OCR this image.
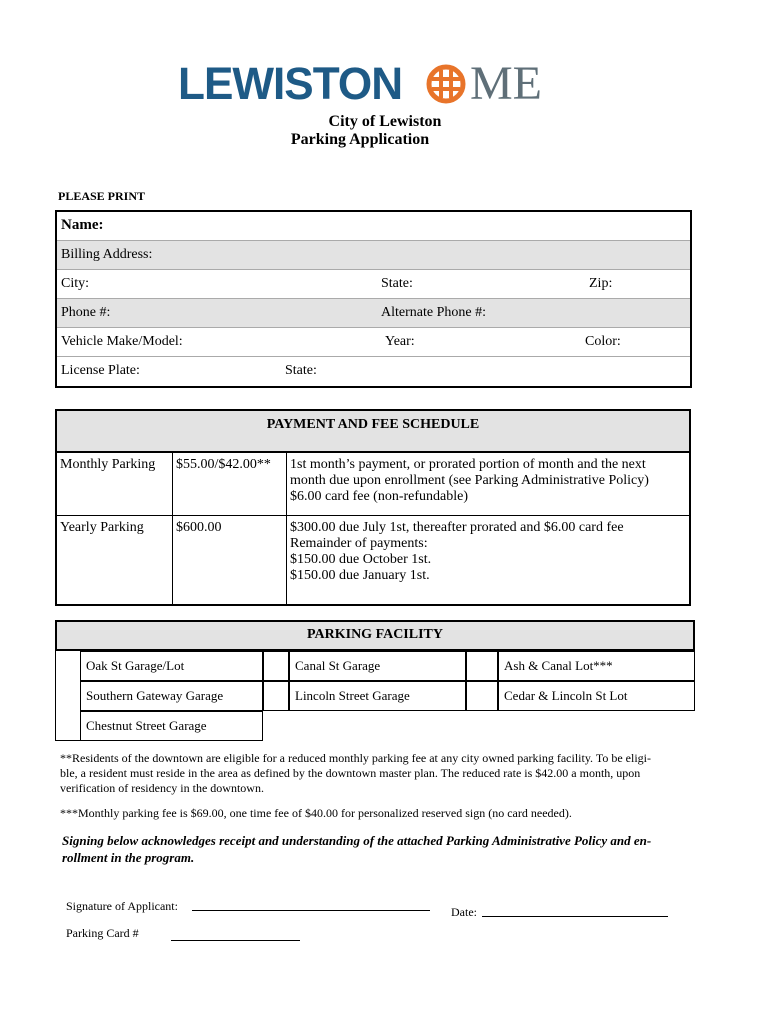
LEWISTON ME
City of Lewiston
Parking Application
PLEASE PRINT
Name:
Billing Address:
City:	State:	Zip:
Phone #:	Alternate Phone #:
Vehicle Make/Model:	Year:	Color:
License Plate:	State:
PAYMENT AND FEE SCHEDULE
Monthly Parking	$55.00/$42.00**	1st month’s payment, or prorated portion of month and the next
month due upon enrollment (see Parking Administrative Policy)
$6.00 card fee (non-refundable)
Yearly Parking	$600.00	$300.00 due July 1st, thereafter prorated and $6.00 card fee
Remainder of payments:
$150.00 due October 1st.
$150.00 due January 1st.
PARKING FACILITY
Oak St Garage/Lot	Canal St Garage	Ash & Canal Lot***
Southern Gateway Garage	Lincoln Street Garage	Cedar & Lincoln St Lot
Chestnut Street Garage
**Residents of the downtown are eligible for a reduced monthly parking fee at any city owned parking facility. To be eligi-
ble, a resident must reside in the area as defined by the downtown master plan. The reduced rate is $42.00 a month, upon
verification of residency in the downtown.
***Monthly parking fee is $69.00, one time fee of $40.00 for personalized reserved sign (no card needed).
Signing below acknowledges receipt and understanding of the attached Parking Administrative Policy and en-
rollment in the program.
Signature of Applicant:	Date:
Parking Card #
